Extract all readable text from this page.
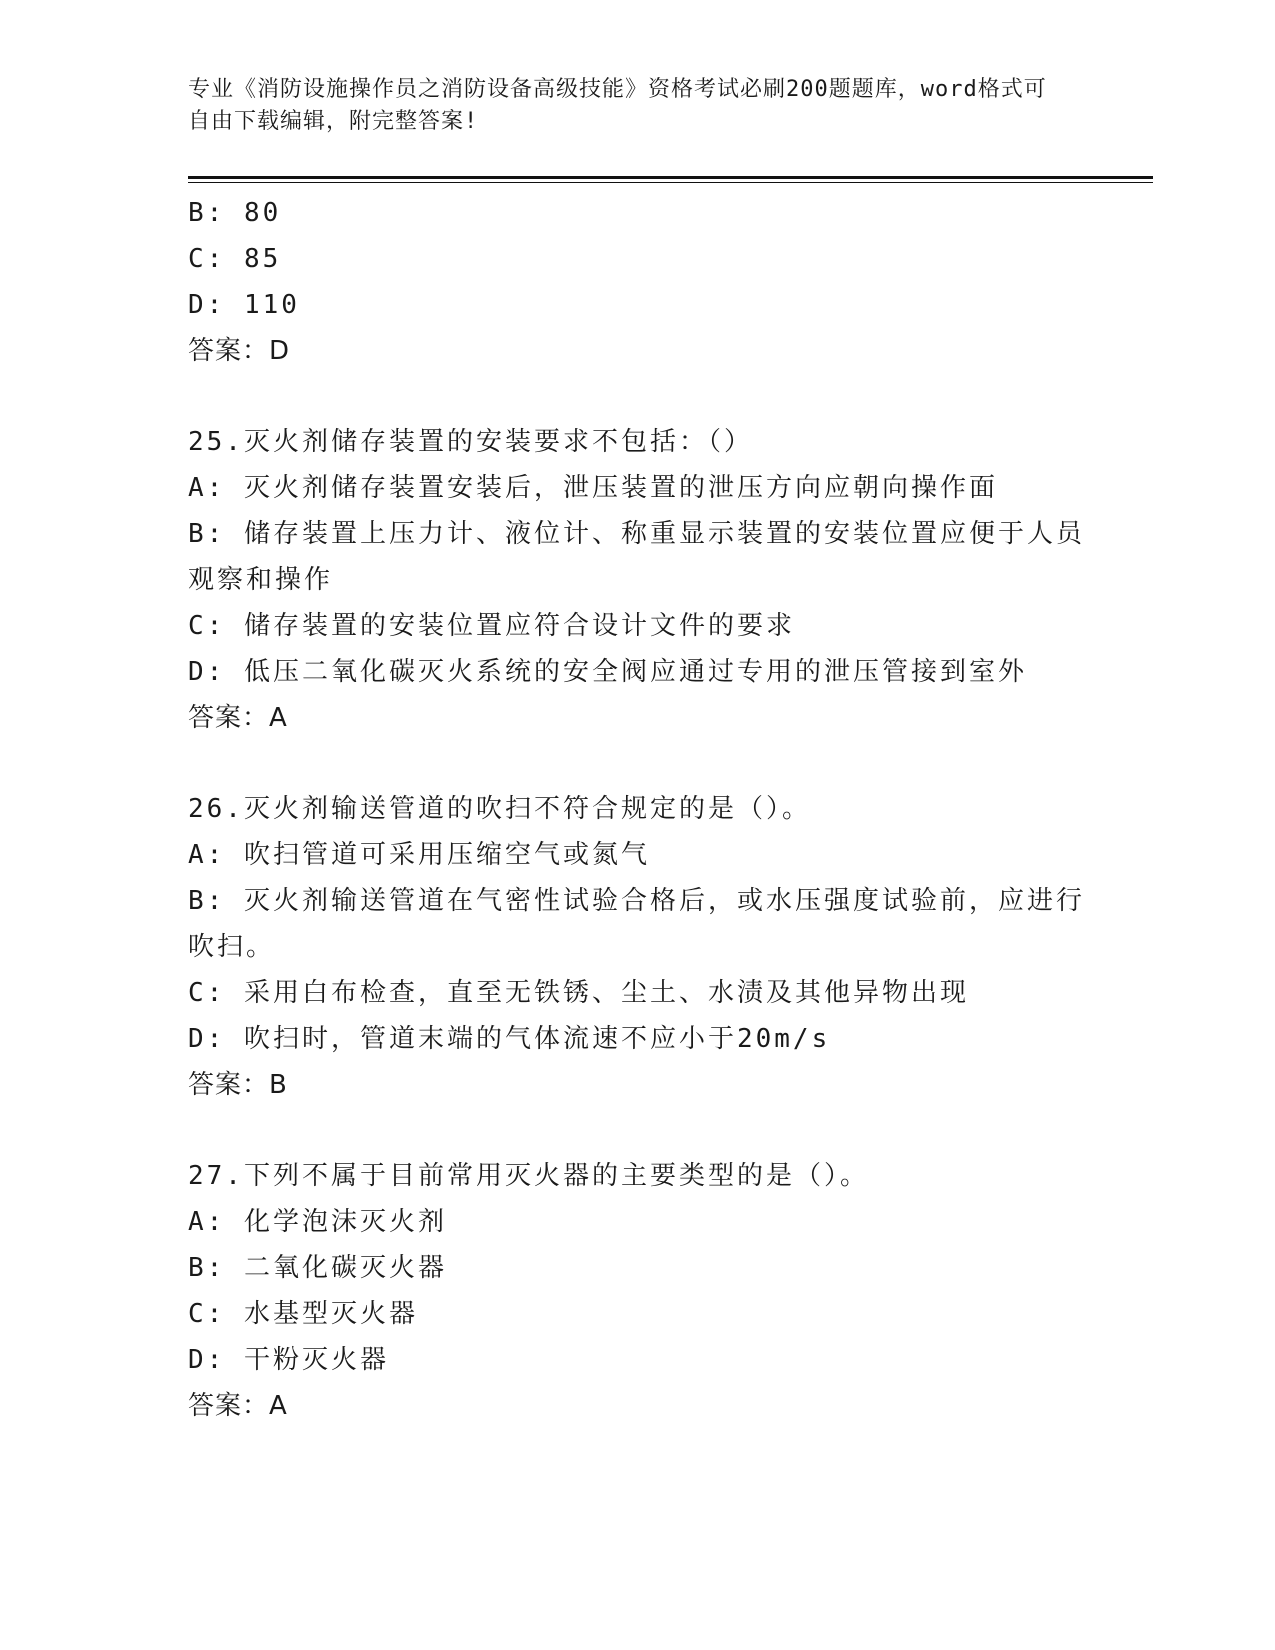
专业《消防设施操作员之消防设备高级技能》资格考试必刷200题题库，word格式可自由下载编辑，附完整答案!

B: 80

C: 85

D: 110

答案：D

25.灭火剂储存装置的安装要求不包括：（）

A: 灭火剂储存装置安装后，泄压装置的泄压方向应朝向操作面

B: 储存装置上压力计、液位计、称重显示装置的安装位置应便于人员观察和操作

C: 储存装置的安装位置应符合设计文件的要求

D: 低压二氧化碳灭火系统的安全阀应通过专用的泄压管接到室外

答案：A

26.灭火剂输送管道的吹扫不符合规定的是（）。

A: 吹扫管道可采用压缩空气或氮气

B: 灭火剂输送管道在气密性试验合格后，或水压强度试验前，应进行吹扫。

C: 采用白布检查，直至无铁锈、尘土、水渍及其他异物出现

D: 吹扫时，管道末端的气体流速不应小于20m/s

答案：B

27.下列不属于目前常用灭火器的主要类型的是（）。

A: 化学泡沫灭火剂

B: 二氧化碳灭火器

C: 水基型灭火器

D: 干粉灭火器

答案：A
